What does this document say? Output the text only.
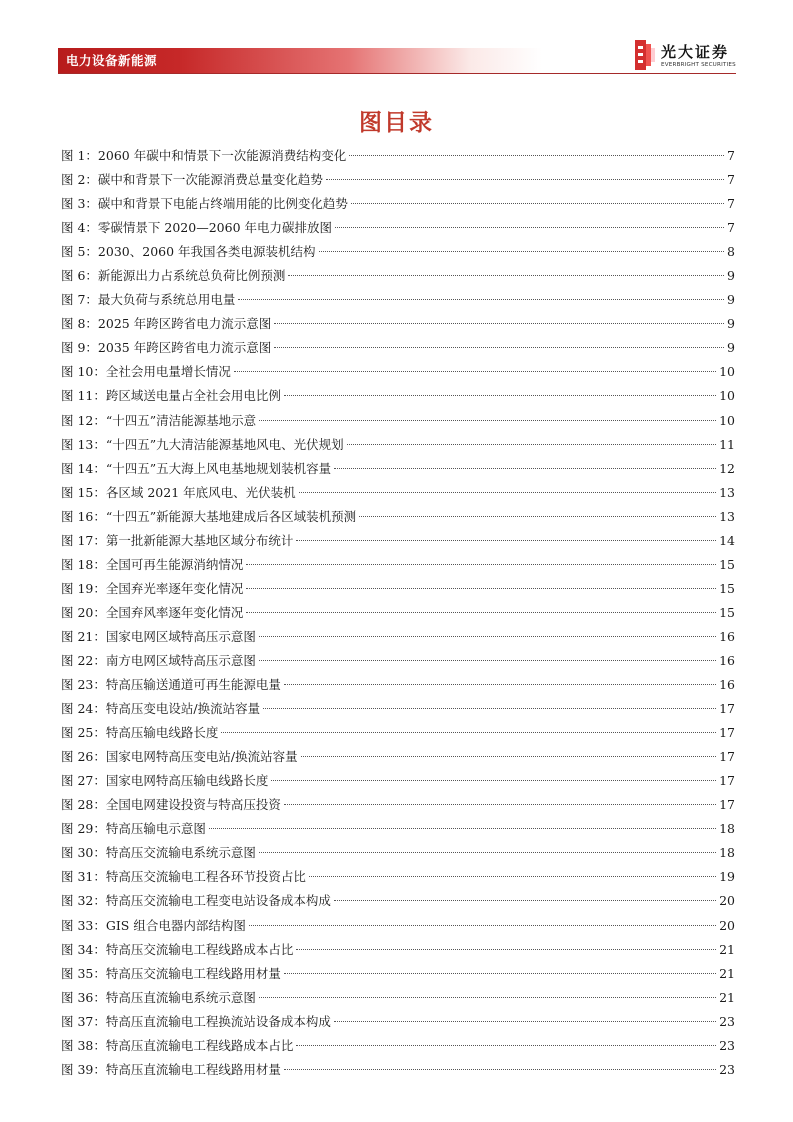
电力设备新能源	光大证券
EVERBRIGHT SECURITIES
图目录
图 1：2060 年碳中和情景下一次能源消费结构变化	7
图 2：碳中和背景下一次能源消费总量变化趋势	7
图 3：碳中和背景下电能占终端用能的比例变化趋势	7
图 4：零碳情景下 2020—2060 年电力碳排放图	7
图 5：2030、2060 年我国各类电源装机结构	8
图 6：新能源出力占系统总负荷比例预测	9
图 7：最大负荷与系统总用电量	9
图 8：2025 年跨区跨省电力流示意图	9
图 9：2035 年跨区跨省电力流示意图	9
图 10：全社会用电量增长情况	10
图 11：跨区域送电量占全社会用电比例	10
图 12：“十四五”清洁能源基地示意	10
图 13：“十四五”九大清洁能源基地风电、光伏规划	11
图 14：“十四五”五大海上风电基地规划装机容量	12
图 15：各区域 2021 年底风电、光伏装机	13
图 16：“十四五”新能源大基地建成后各区域装机预测	13
图 17：第一批新能源大基地区域分布统计	14
图 18：全国可再生能源消纳情况	15
图 19：全国弃光率逐年变化情况	15
图 20：全国弃风率逐年变化情况	15
图 21：国家电网区域特高压示意图	16
图 22：南方电网区域特高压示意图	16
图 23：特高压输送通道可再生能源电量	16
图 24：特高压变电设站/换流站容量	17
图 25：特高压输电线路长度	17
图 26：国家电网特高压变电站/换流站容量	17
图 27：国家电网特高压输电线路长度	17
图 28：全国电网建设投资与特高压投资	17
图 29：特高压输电示意图	18
图 30：特高压交流输电系统示意图	18
图 31：特高压交流输电工程各环节投资占比	19
图 32：特高压交流输电工程变电站设备成本构成	20
图 33：GIS 组合电器内部结构图	20
图 34：特高压交流输电工程线路成本占比	21
图 35：特高压交流输电工程线路用材量	21
图 36：特高压直流输电系统示意图	21
图 37：特高压直流输电工程换流站设备成本构成	23
图 38：特高压直流输电工程线路成本占比	23
图 39：特高压直流输电工程线路用材量	23
